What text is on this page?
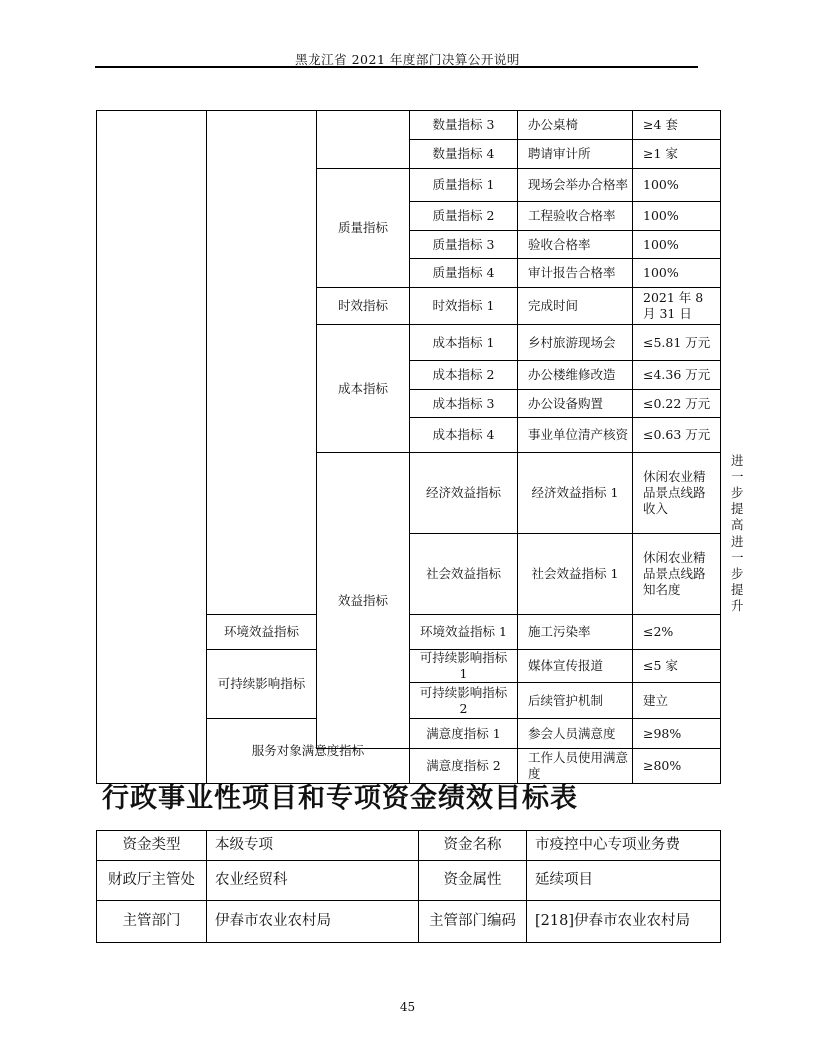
黑龙江省 2021 年度部门决算公开说明
			数量指标 3	办公桌椅	≥4 套	
			数量指标 4	聘请审计所	≥1 家	
		质量指标	质量指标 1	现场会举办合格率	100%	
			质量指标 2	工程验收合格率	100%	
			质量指标 3	验收合格率	100%	
			质量指标 4	审计报告合格率	100%	
		时效指标	时效指标 1	完成时间	2021 年 8 月 31 日	
		成本指标	成本指标 1	乡村旅游现场会	≤5.81 万元	
			成本指标 2	办公楼维修改造	≤4.36 万元	
			成本指标 3	办公设备购置	≤0.22 万元	
			成本指标 4	事业单位清产核资	≤0.63 万元	
		效益指标	经济效益指标	经济效益指标 1	休闲农业精品景点线路收入	进一步提高
			社会效益指标	社会效益指标 1	休闲农业精品景点线路知名度	进一步提升
	环境效益指标		环境效益指标 1	施工污染率	≤2%	
	可持续影响指标		可持续影响指标 1	媒体宣传报道	≤5 家	
			可持续影响指标 2	后续管护机制	建立	
	服务对象满意度指标		满意度指标 1	参会人员满意度	≥98%	
			满意度指标 2	工作人员使用满意度	≥80%	
行政事业性项目和专项资金绩效目标表
资金类型	本级专项	资金名称	市疫控中心专项业务费
财政厅主管处	农业经贸科	资金属性	延续项目
主管部门	伊春市农业农村局	主管部门编码	[218]伊春市农业农村局
45
